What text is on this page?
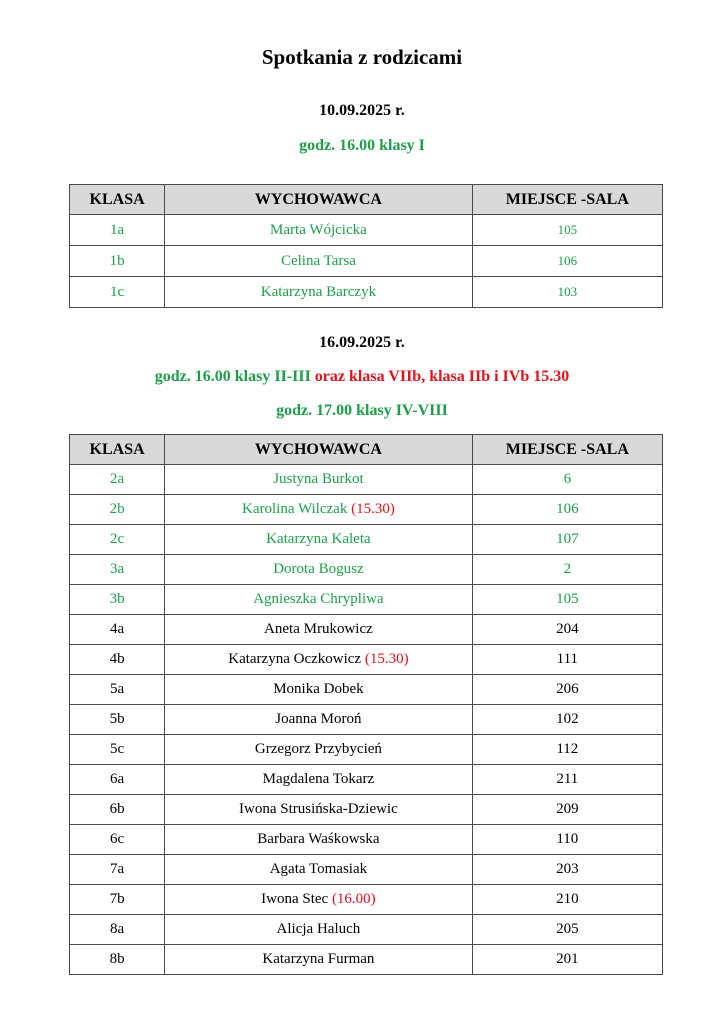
Spotkania z rodzicami
10.09.2025 r.
godz. 16.00 klasy I
KLASA	WYCHOWAWCA	MIEJSCE -SALA
1a	Marta Wójcicka	105
1b	Celina Tarsa	106
1c	Katarzyna Barczyk	103
16.09.2025 r.
godz. 16.00 klasy II-III oraz klasa VIIb, klasa IIb i IVb 15.30
godz. 17.00 klasy IV-VIII
KLASA	WYCHOWAWCA	MIEJSCE -SALA
2a	Justyna Burkot	6
2b	Karolina Wilczak (15.30)	106
2c	Katarzyna Kaleta	107
3a	Dorota Bogusz	2
3b	Agnieszka Chrypliwa	105
4a	Aneta Mrukowicz	204
4b	Katarzyna Oczkowicz (15.30)	111
5a	Monika Dobek	206
5b	Joanna Moroń	102
5c	Grzegorz Przybycień	112
6a	Magdalena Tokarz	211
6b	Iwona Strusińska-Dziewic	209
6c	Barbara Waśkowska	110
7a	Agata Tomasiak	203
7b	Iwona Stec (16.00)	210
8a	Alicja Haluch	205
8b	Katarzyna Furman	201
